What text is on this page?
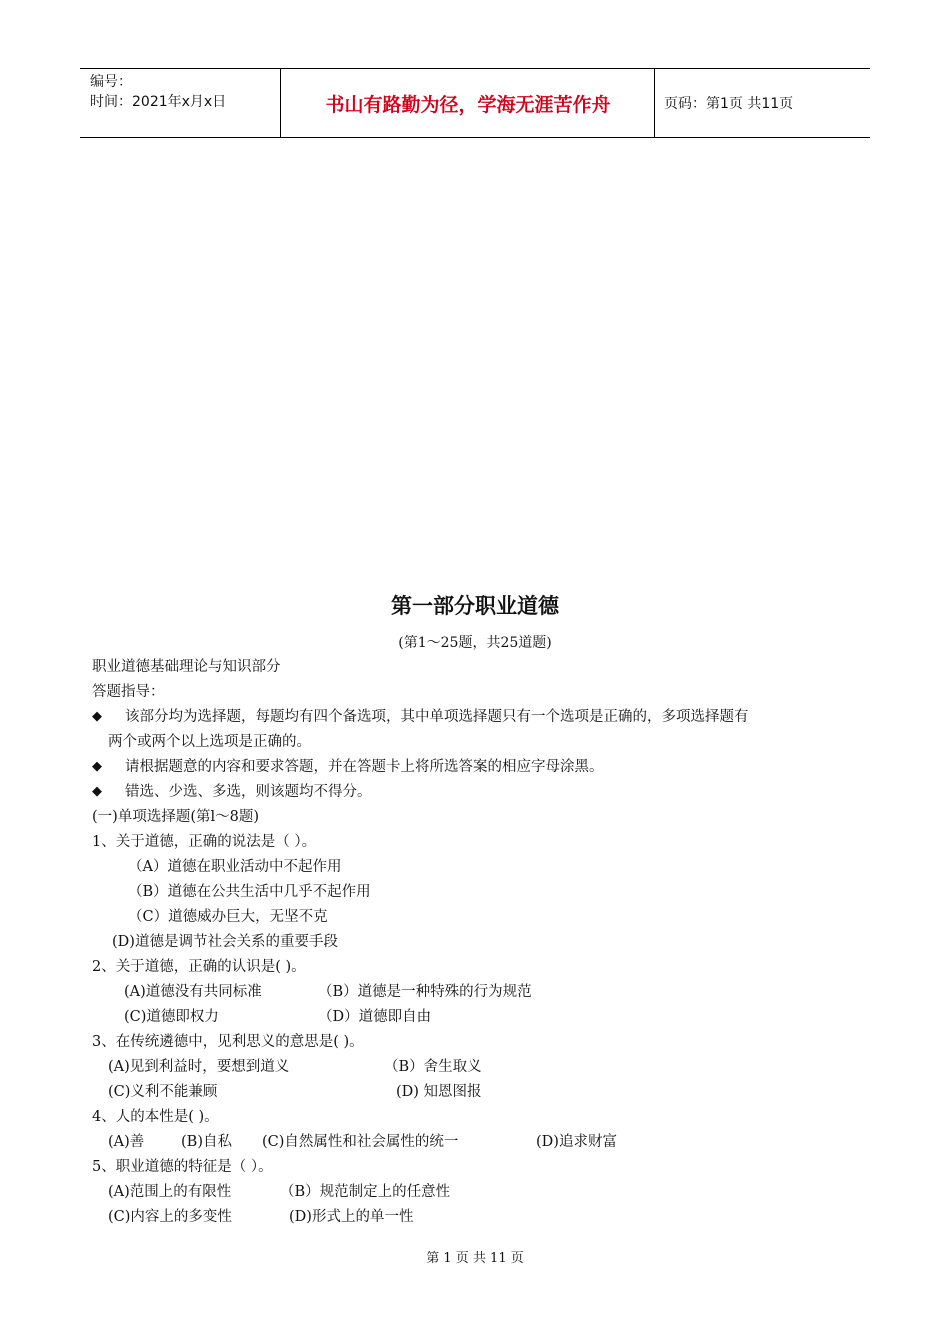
编号：
时间：2021年x月x日	书山有路勤为径，学海无涯苦作舟	页码：第1页 共11页
第一部分职业道德
(第1～25题，共25道题)
职业道德基础理论与知识部分
答题指导：
◆ 该部分均为选择题，每题均有四个备选项，其中单项选择题只有一个选项是正确的，多项选择题有
两个或两个以上选项是正确的。
◆ 请根据题意的内容和要求答题，并在答题卡上将所选答案的相应字母涂黑。
◆ 错选、少选、多选，则该题均不得分。
(一)单项选择题(第l～8题)
1、关于道德，正确的说法是（ ）。
（A）道德在职业活动中不起作用
（B）道德在公共生活中几乎不起作用
（C）道德威办巨大，无坚不克
(D)道德是调节社会关系的重要手段
2、关于道德，正确的认识是( )。
(A)道德没有共同标准	（B）道德是一种特殊的行为规范
(C)道德即权力	（D）道德即自由
3、在传统遴德中，见利思义的意思是( )。
(A)见到利益时，要想到道义	（B）舍生取义
(C)义利不能兼顾	(D) 知恩图报
4、人的本性是( )。
(A)善	(B)自私 (C)自然属性和社会属性的统一	(D)追求财富
5、职业道德的特征是（ ）。
(A)范围上的有限性	（B）规范制定上的任意性
(C)内容上的多变性	(D)形式上的单一性
第 1 页 共 11 页
